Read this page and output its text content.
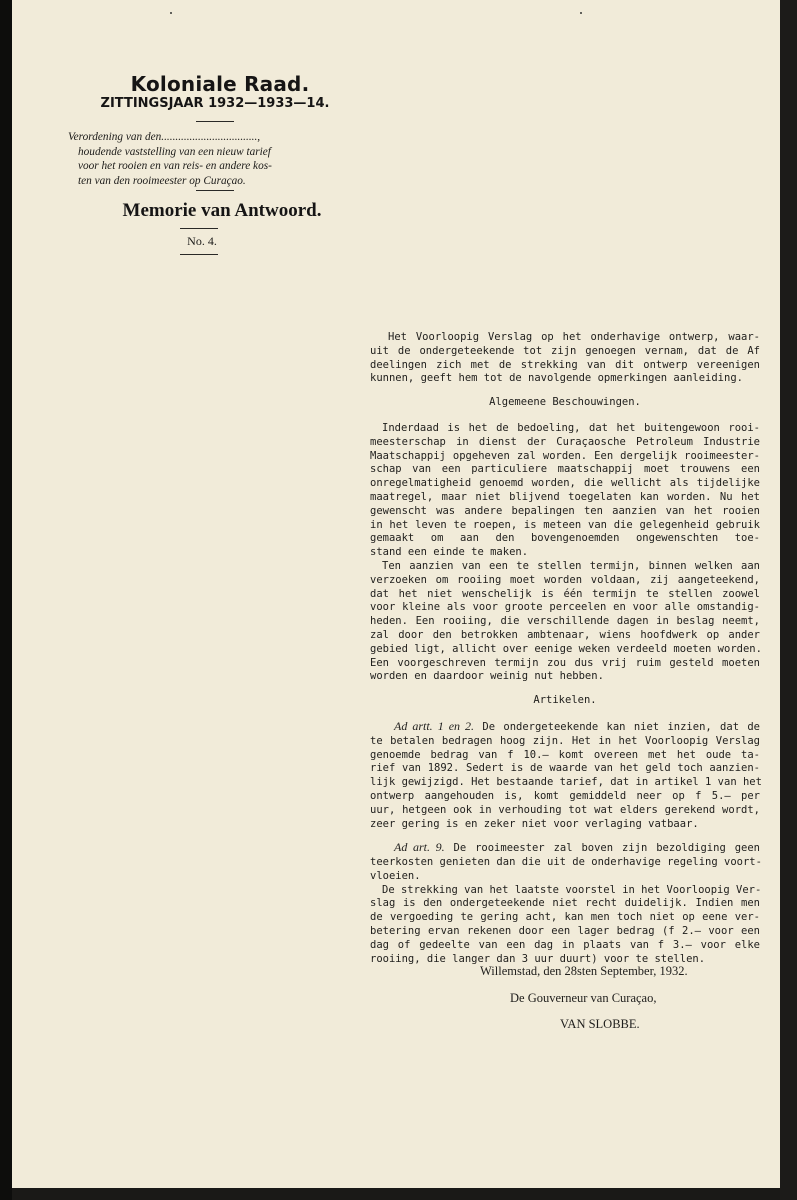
Koloniale Raad.
ZITTINGSJAAR 1932—1933—14.
Verordening van den..................................,
houdende vaststelling van een nieuw tarief
voor het rooien en van reis- en andere kos-
ten van den rooimeester op Curaçao.
Memorie van Antwoord.
No. 4.

Het Voorloopig Verslag op het onderhavige ontwerp, waar-
uit de ondergeteekende tot zijn genoegen vernam, dat de Af
deelingen zich met de strekking van dit ontwerp vereenigen
kunnen, geeft hem tot de navolgende opmerkingen aanleiding.

Algemeene Beschouwingen.

Inderdaad is het de bedoeling, dat het buitengewoon rooi-
meesterschap in dienst der Curaçaosche Petroleum Industrie
Maatschappij opgeheven zal worden. Een dergelijk rooimeester-
schap van een particuliere maatschappij moet trouwens een
onregelmatigheid genoemd worden, die wellicht als tijdelijke
maatregel, maar niet blijvend toegelaten kan worden. Nu het
gewenscht was andere bepalingen ten aanzien van het rooien
in het leven te roepen, is meteen van die gelegenheid gebruik
gemaakt om aan den bovengenoemden ongewenschten toe-
stand een einde te maken.

Ten aanzien van een te stellen termijn, binnen welken aan
verzoeken om rooiing moet worden voldaan, zij aangeteekend,
dat het niet wenschelijk is één termijn te stellen zoowel
voor kleine als voor groote perceelen en voor alle omstandig-
heden. Een rooiing, die verschillende dagen in beslag neemt,
zal door den betrokken ambtenaar, wiens hoofdwerk op ander
gebied ligt, allicht over eenige weken verdeeld moeten worden.
Een voorgeschreven termijn zou dus vrij ruim gesteld moeten
worden en daardoor weinig nut hebben.

Artikelen.

Ad artt. 1 en 2. De ondergeteekende kan niet inzien, dat de
te betalen bedragen hoog zijn. Het in het Voorloopig Verslag
genoemde bedrag van f 10.— komt overeen met het oude ta-
rief van 1892. Sedert is de waarde van het geld toch aanzien-
lijk gewijzigd. Het bestaande tarief, dat in artikel 1 van het
ontwerp aangehouden is, komt gemiddeld neer op f 5.— per
uur, hetgeen ook in verhouding tot wat elders gerekend wordt,
zeer gering is en zeker niet voor verlaging vatbaar.

Ad art. 9. De rooimeester zal boven zijn bezoldiging geen
teerkosten genieten dan die uit de onderhavige regeling voort-
vloeien.

De strekking van het laatste voorstel in het Voorloopig Ver-
slag is den ondergeteekende niet recht duidelijk. Indien men
de vergoeding te gering acht, kan men toch niet op eene ver-
betering ervan rekenen door een lager bedrag (f 2.— voor een
dag of gedeelte van een dag in plaats van f 3.— voor elke
rooiing, die langer dan 3 uur duurt) voor te stellen.

Willemstad, den 28sten September, 1932.
De Gouverneur van Curaçao,
VAN SLOBBE.
